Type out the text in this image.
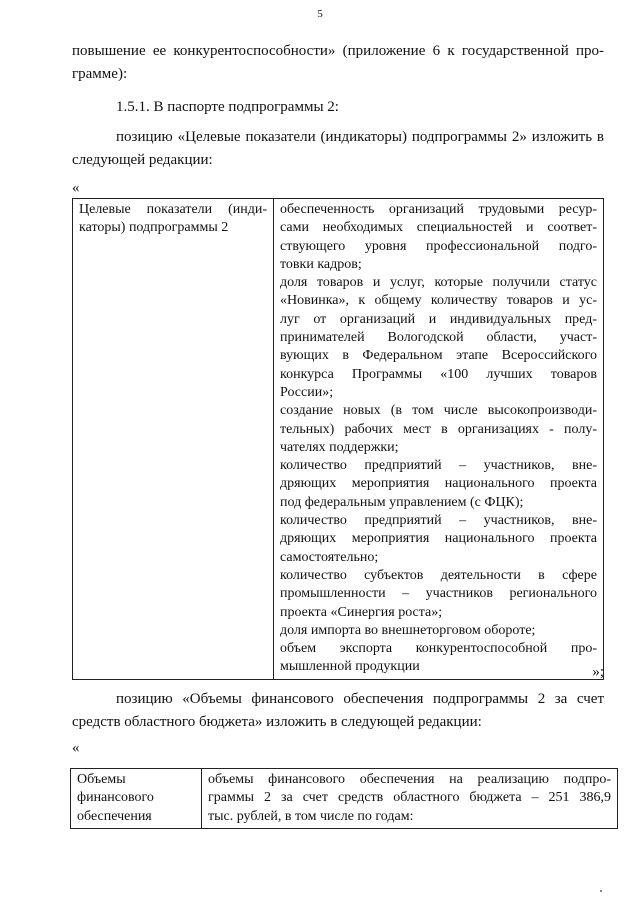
5
повышение ее конкурентоспособности» (приложение 6 к государственной про-
грамме):
1.5.1. В паспорте подпрограммы 2:
позицию «Целевые показатели (индикаторы) подпрограммы 2» изложить в
следующей редакции:
«
Целевые показатели (инди-
каторы) подпрограммы 2

обеспеченность организаций трудовыми ресур-
сами необходимых специальностей и соответ-
ствующего уровня профессиональной подго-
товки кадров;
доля товаров и услуг, которые получили статус
«Новинка», к общему количеству товаров и ус-
луг от организаций и индивидуальных пред-
принимателей Вологодской области, участ-
вующих в Федеральном этапе Всероссийского
конкурса Программы «100 лучших товаров
России»;
создание новых (в том числе высокопроизводи-
тельных) рабочих мест в организациях - полу-
чателях поддержки;
количество предприятий – участников, вне-
дряющих мероприятия национального проекта
под федеральным управлением (с ФЦК);
количество предприятий – участников, вне-
дряющих мероприятия национального проекта
самостоятельно;
количество субъектов деятельности в сфере
промышленности – участников регионального
проекта «Синергия роста»;
доля импорта во внешнеторговом обороте;
объем экспорта конкурентоспособной про-
мышленной продукции	»;
позицию «Объемы финансового обеспечения подпрограммы 2 за счет
средств областного бюджета» изложить в следующей редакции:
«
Объемы
финансового
обеспечения

объемы финансового обеспечения на реализацию подпро-
граммы 2 за счет средств областного бюджета – 251 386,9
тыс. рублей, в том числе по годам:
